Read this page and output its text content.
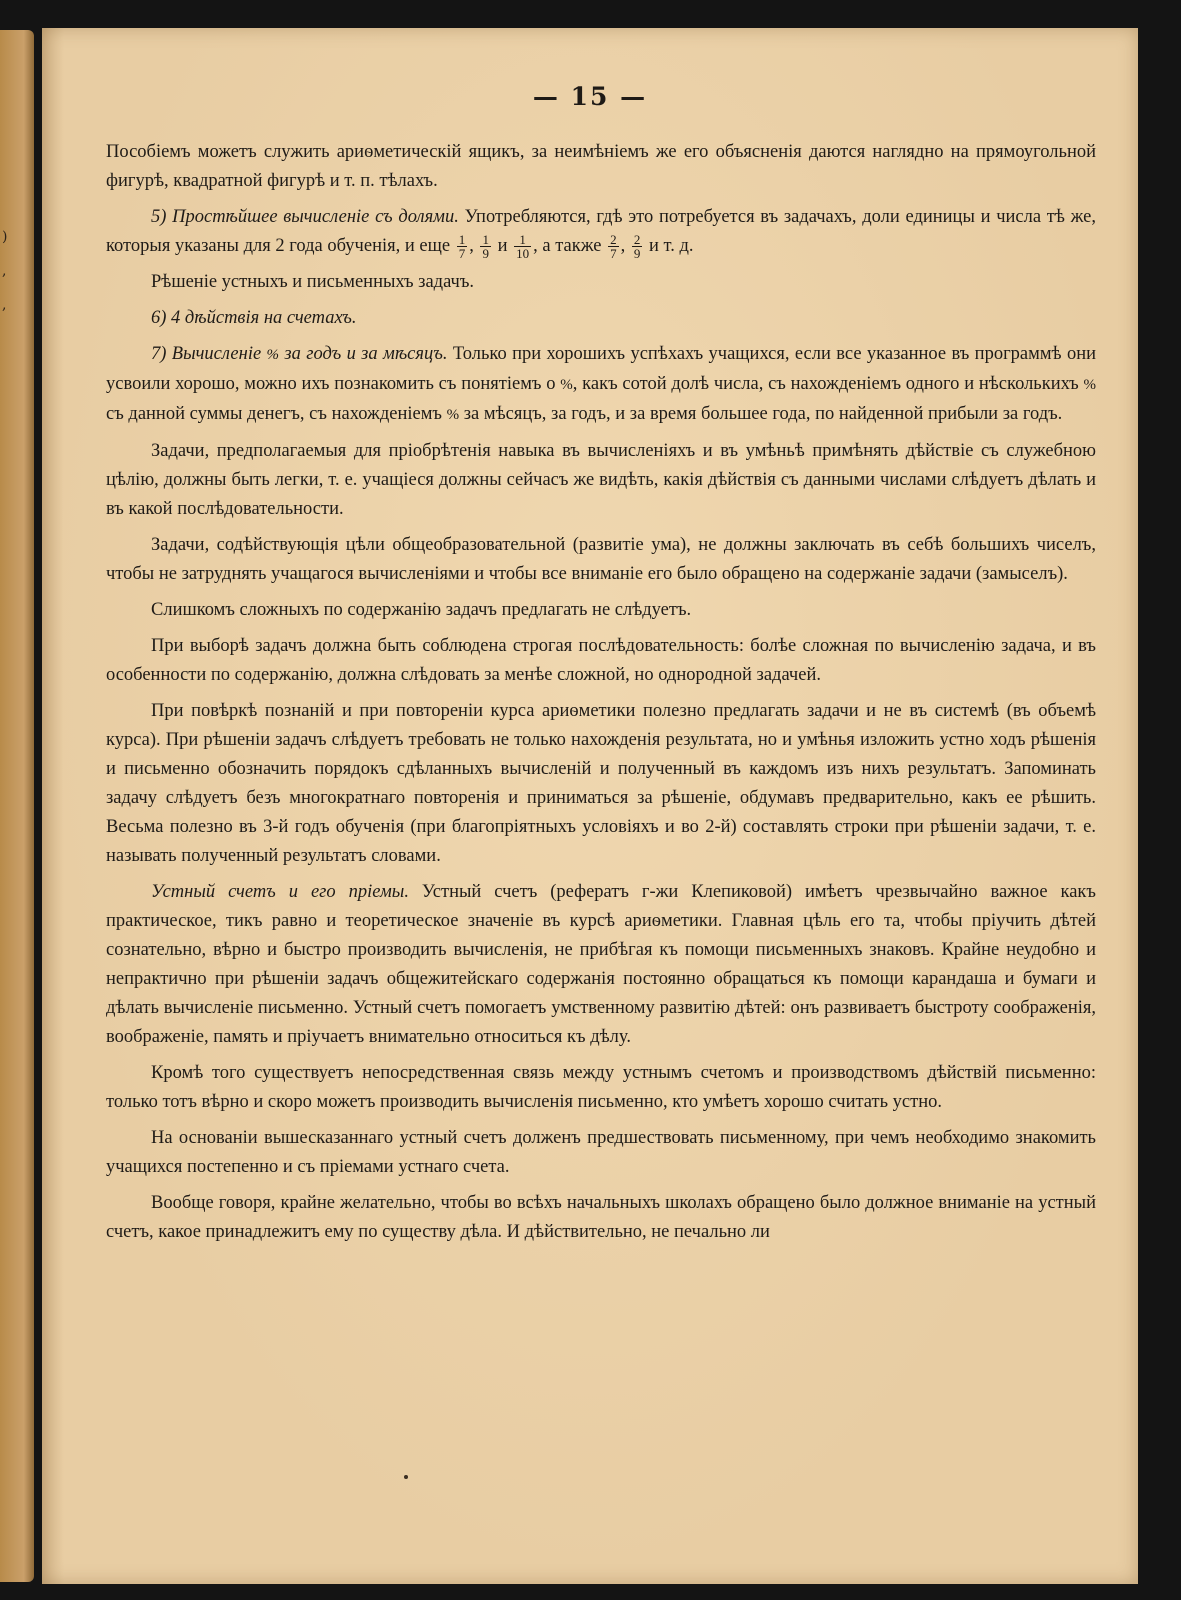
)
,
,
— 15 —

Пособіемъ можетъ служить ариѳметическій ящикъ, за неимѣніемъ же его объясненія даются наглядно на прямоугольной фигурѣ, квадратной фигурѣ и т. п. тѣлахъ.

5) Простѣйшее вычисленіе съ долями. Употребляются, гдѣ это потребуется въ задачахъ, доли единицы и числа тѣ же, которыя указаны для 2 года обученія, и еще $\frac{1}{7}$ , $\frac{1}{9}$ и $\frac{1}{10}$ , а также $\frac{2}{7}$ , $\frac{2}{9}$ и т. д.

Рѣшеніе устныхъ и письменныхъ задачъ.

6) 4 дѣйствія на счетахъ.

7) Вычисленіе % за годъ и за мѣсяцъ. Только при хорошихъ успѣхахъ учащихся, если все указанное въ программѣ они усвоили хорошо, можно ихъ познакомить съ понятіемъ о %, какъ сотой долѣ числа, съ нахожденіемъ одного и нѣсколькихъ % съ данной суммы денегъ, съ нахожденіемъ % за мѣсяцъ, за годъ, и за время большее года, по найденной прибыли за годъ.

Задачи, предполагаемыя для пріобрѣтенія навыка въ вычисленіяхъ и въ умѣньѣ примѣнять дѣйствіе съ служебною цѣлію, должны быть легки, т. е. учащіеся должны сейчасъ же видѣть, какія дѣйствія съ данными числами слѣдуетъ дѣлать и въ какой послѣдовательности.

Задачи, содѣйствующія цѣли общеобразовательной (развитіе ума), не должны заключать въ себѣ большихъ чиселъ, чтобы не затруднять учащагося вычисленіями и чтобы все вниманіе его было обращено на содержаніе задачи (замыселъ).

Слишкомъ сложныхъ по содержанію задачъ предлагать не слѣдуетъ.

При выборѣ задачъ должна быть соблюдена строгая послѣдовательность: болѣе сложная по вычисленію задача, и въ особенности по содержанію, должна слѣдовать за менѣе сложной, но однородной задачей.

При повѣркѣ познаній и при повтореніи курса ариѳметики полезно предлагать задачи и не въ системѣ (въ объемѣ курса). При рѣшеніи задачъ слѣдуетъ требовать не только нахожденія результата, но и умѣнья изложить устно ходъ рѣшенія и письменно обозначить порядокъ сдѣланныхъ вычисленій и полученный въ каждомъ изъ нихъ результатъ. Запоминать задачу слѣдуетъ безъ многократнаго повторенія и приниматься за рѣшеніе, обдумавъ предварительно, какъ ее рѣшить. Весьма полезно въ 3-й годъ обученія (при благопріятныхъ условіяхъ и во 2-й) составлять строки при рѣшеніи задачи, т. е. называть полученный результатъ словами.

Устный счетъ и его пріемы. Устный счетъ (рефератъ г-жи Клепиковой) имѣетъ чрезвычайно важное какъ практическое, тикъ равно и теоретическое значеніе въ курсѣ ариѳметики. Главная цѣль его та, чтобы пріучить дѣтей сознательно, вѣрно и быстро производить вычисленія, не прибѣгая къ помощи письменныхъ знаковъ. Крайне неудобно и непрактично при рѣшеніи задачъ общежитейскаго содержанія постоянно обращаться къ помощи карандаша и бумаги и дѣлать вычисленіе письменно. Устный счетъ помогаетъ умственному развитію дѣтей: онъ развиваетъ быстроту соображенія, воображеніе, память и пріучаетъ внимательно относиться къ дѣлу.

Кромѣ того существуетъ непосредственная связь между устнымъ счетомъ и производствомъ дѣйствій письменно: только тотъ вѣрно и скоро можетъ производить вычисленія письменно, кто умѣетъ хорошо считать устно.

На основаніи вышесказаннаго устный счетъ долженъ предшествовать письменному, при чемъ необходимо знакомить учащихся постепенно и съ пріемами устнаго счета.

Вообще говоря, крайне желательно, чтобы во всѣхъ начальныхъ школахъ обращено было должное вниманіе на устный счетъ, какое принадлежитъ ему по существу дѣла. И дѣйствительно, не печально ли
